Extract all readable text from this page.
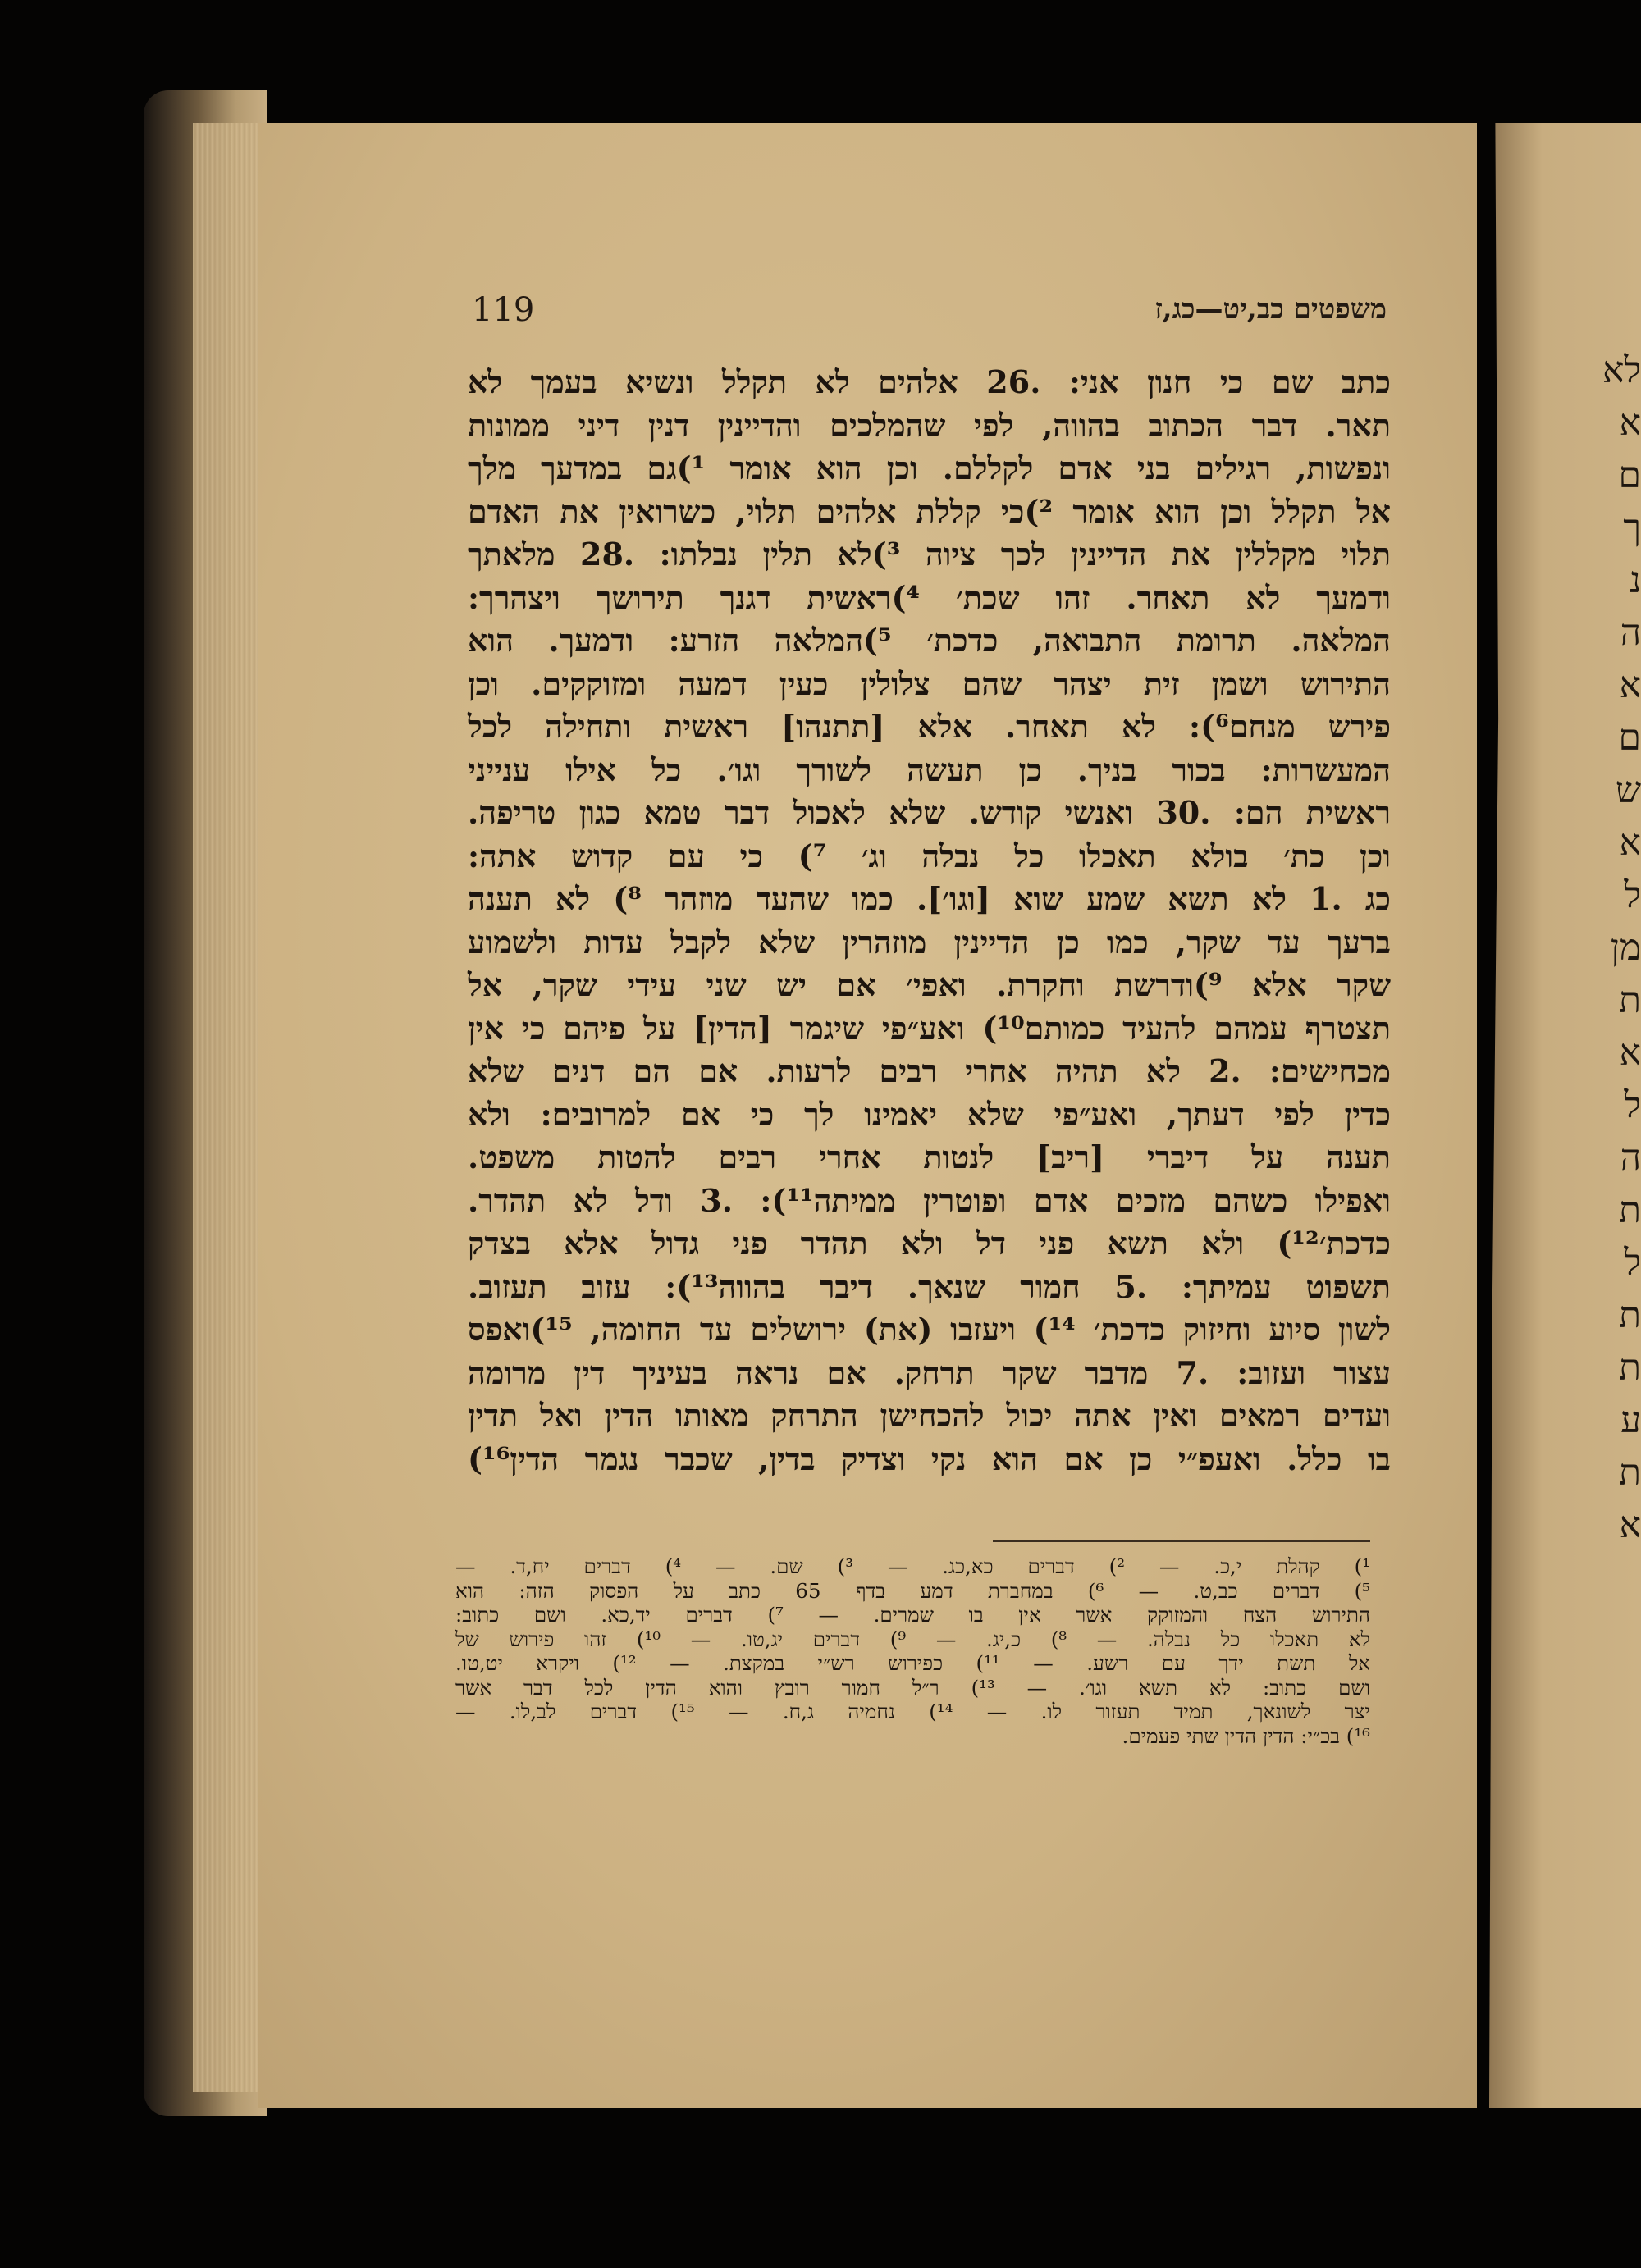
לא
א
ם
ך
נ
ה
א
ם
ש
א
ל
מן
ת
א
ל
ה
ת
ל
ת
ת
ע
ת
א
119	משפטים כב,יט—כג,ז
כתב שם כי חנון אני: .26 אלהים לא תקלל ונשיא בעמך לא
תאר. דבר הכתוב בהווה, לפי שהמלכים והדיינין דנין דיני ממונות
ונפשות, רגילים בני אדם לקללם. וכן הוא אומר ¹)גם במדעך מלך
אל תקלל וכן הוא אומר ²)כי קללת אלהים תלוי, כשרואין את האדם
תלוי מקללין את הדיינין לכך ציוה ³)לא תלין נבלתו: .28 מלאתך
ודמעך לא תאחר. זהו שכת׳ ⁴)ראשית דגנך תירושך ויצהרך:
המלאה. תרומת התבואה, כדכת׳ ⁵)המלאה הזרע: ודמעך. הוא
התירוש ושמן זית יצהר שהם צלולין כעין דמעה ומזוקקים. וכן
פירש מנחם⁶): לא תאחר. אלא [תתנהו] ראשית ותחילה לכל
המעשרות: בכור בניך. כן תעשה לשורך וגו׳. כל אילו ענייני
ראשית הם: .30 ואנשי קודש. שלא לאכול דבר טמא כגון טריפה.
וכן כת׳ בולא תאכלו כל נבלה וג׳ ⁷) כי עם קדוש אתה:
כג .1 לא תשא שמע שוא [וגו׳]. כמו שהעד מוזהר ⁸) לא תענה
ברעך עד שקר, כמו כן הדיינין מוזהרין שלא לקבל עדות ולשמוע
שקר אלא ⁹)ודרשת וחקרת. ואפי׳ אם יש שני עידי שקר, אל
תצטרף עמהם להעיד כמותם¹⁰) ואע״פי שיגמר [הדין] על פיהם כי אין
מכחישים: .2 לא תהיה אחרי רבים לרעות. אם הם דנים שלא
כדין לפי דעתך, ואע״פי שלא יאמינו לך כי אם למרובים: ולא
תענה על דיברי [ריב] לנטות אחרי רבים להטות משפט.
ואפילו כשהם מזכים אדם ופוטרין ממיתה¹¹): .3 ודל לא תהדר.
כדכת׳¹²) ולא תשא פני דל ולא תהדר פני גדול אלא בצדק
תשפוט עמיתך: .5 חמור שנאך. דיבר בהווה¹³): עזוב תעזוב.
לשון סיוע וחיזוק כדכת׳ ¹⁴) ויעזבו (את) ירושלים עד החומה, ¹⁵)ואפס
עצור ועזוב: .7 מדבר שקר תרחק. אם נראה בעיניך דין מרומה
ועדים רמאים ואין אתה יכול להכחישן התרחק מאותו הדין ואל תדין
בו כלל. ואעפ״י כן אם הוא נקי וצדיק בדין, שכבר נגמר הדין¹⁶)
¹) קהלת י,כ. — ²) דברים כא,כג. — ³) שם. — ⁴) דברים יח,ד. —
⁵) דברים כב,ט. — ⁶) במחברת דמע בדף 65 כתב על הפסוק הזה: הוא
התירוש הצח והמזוקק אשר אין בו שמרים. — ⁷) דברים יד,כא. ושם כתוב:
לא תאכלו כל נבלה. — ⁸) כ,יג. — ⁹) דברים יג,טו. — ¹⁰) זהו פירוש של
אל תשת ידך עם רשע. — ¹¹) כפירוש רש״י במקצת. — ¹²) ויקרא יט,טו.
ושם כתוב: לא תשא וגו׳. — ¹³) ר״ל חמור רובץ והוא הדין לכל דבר אשר
יצר לשונאך, תמיד תעזור לו. — ¹⁴) נחמיה ג,ח. — ¹⁵) דברים לב,לו. —
¹⁶) בכ״י: הדין הדין שתי פעמים.
